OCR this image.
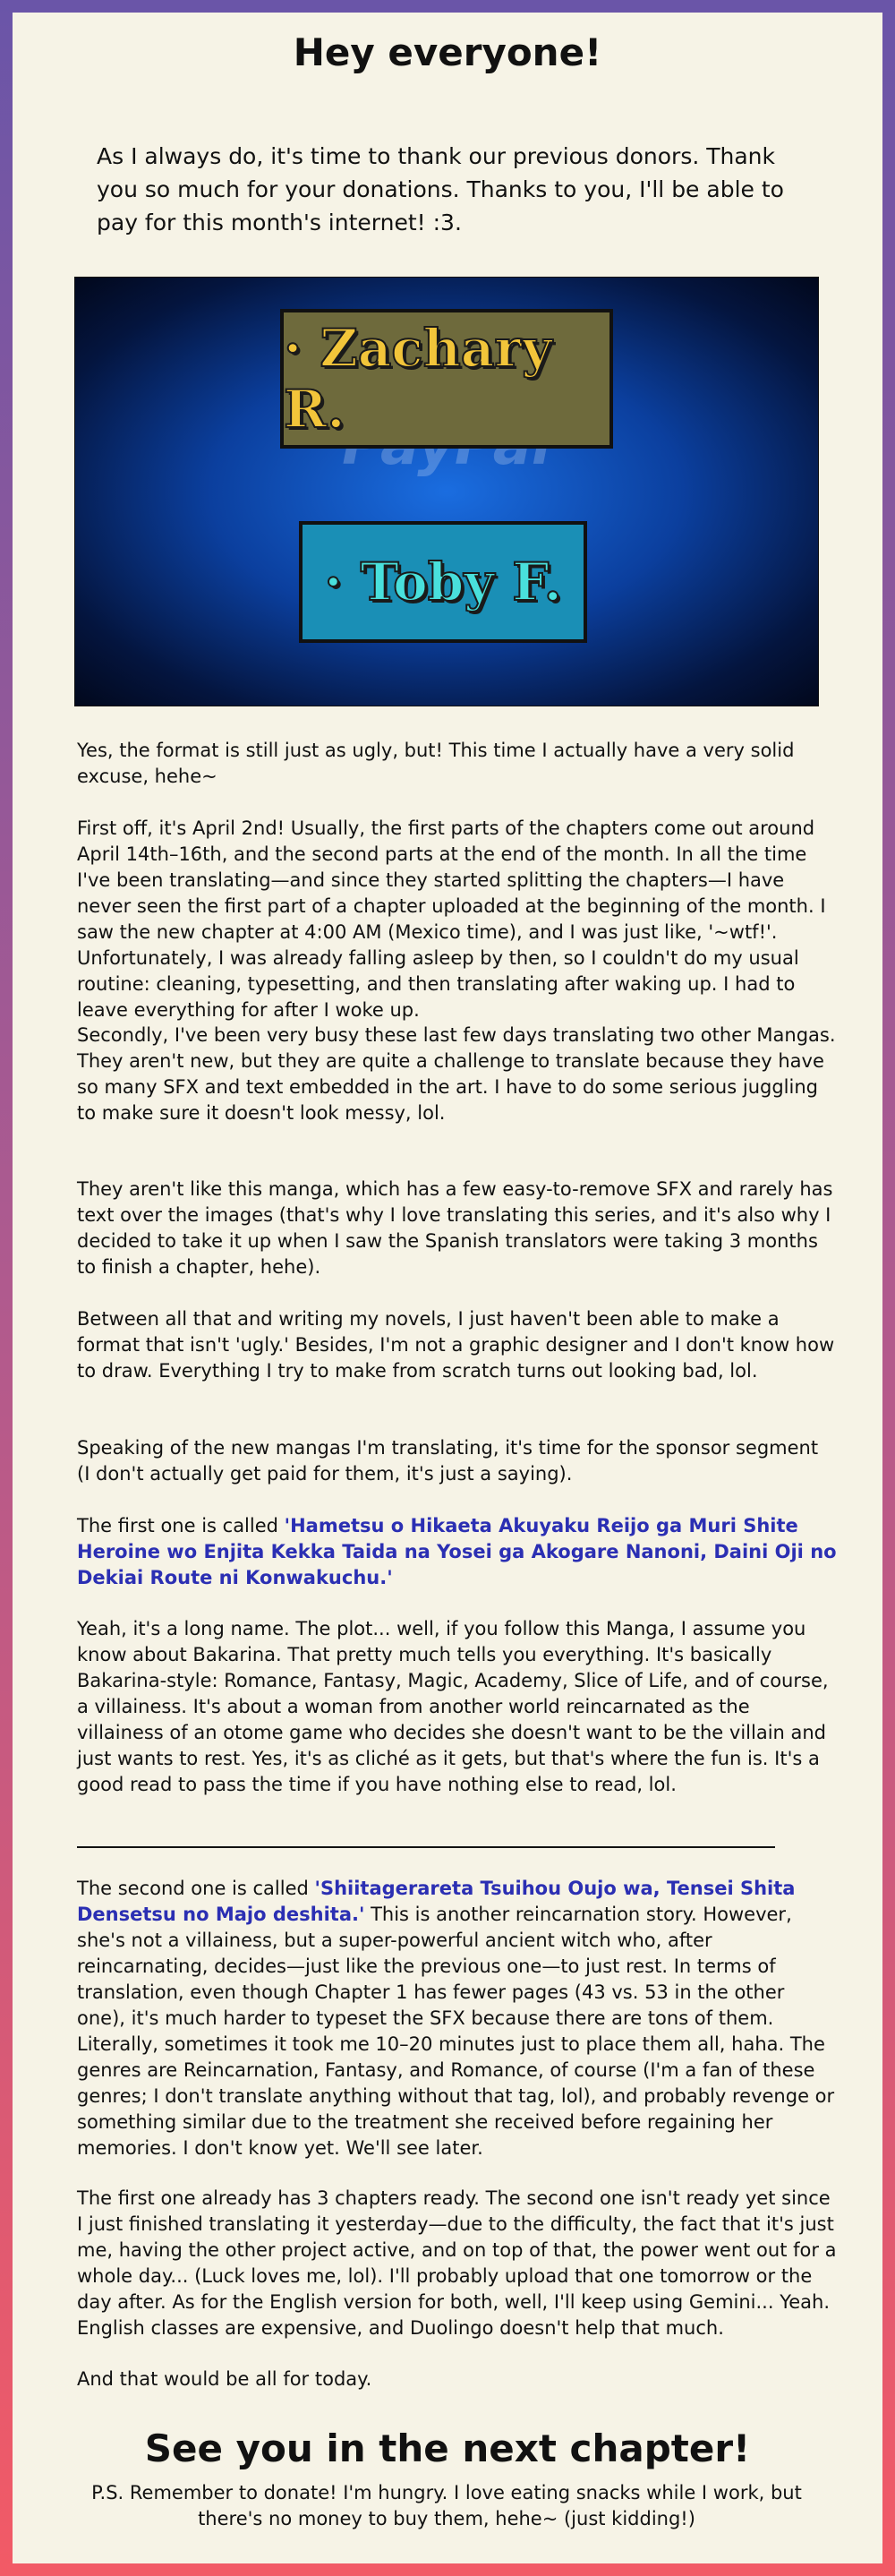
Hey everyone!

As I always do, it's time to thank our previous donors. Thank you so much for your donations. Thanks to you, I'll be able to pay for this month's internet! :3.

· Zachary R.
· Toby F.

Yes, the format is still just as ugly, but! This time I actually have a very solid excuse, hehe~

First off, it's April 2nd! Usually, the first parts of the chapters come out around April 14th–16th, and the second parts at the end of the month. In all the time I've been translating—and since they started splitting the chapters—I have never seen the first part of a chapter uploaded at the beginning of the month. I saw the new chapter at 4:00 AM (Mexico time), and I was just like, '~wtf!'. Unfortunately, I was already falling asleep by then, so I couldn't do my usual routine: cleaning, typesetting, and then translating after waking up. I had to leave everything for after I woke up.

Secondly, I've been very busy these last few days translating two other Mangas. They aren't new, but they are quite a challenge to translate because they have so many SFX and text embedded in the art. I have to do some serious juggling to make sure it doesn't look messy, lol.

They aren't like this manga, which has a few easy-to-remove SFX and rarely has text over the images (that's why I love translating this series, and it's also why I decided to take it up when I saw the Spanish translators were taking 3 months to finish a chapter, hehe).

Between all that and writing my novels, I just haven't been able to make a format that isn't 'ugly.' Besides, I'm not a graphic designer and I don't know how to draw. Everything I try to make from scratch turns out looking bad, lol.

Speaking of the new mangas I'm translating, it's time for the sponsor segment
(I don't actually get paid for them, it's just a saying).

The first one is called 'Hametsu o Hikaeta Akuyaku Reijo ga Muri Shite Heroine wo Enjita Kekka Taida na Yosei ga Akogare Nanoni, Daini Oji no Dekiai Route ni Konwakuchu.'

Yeah, it's a long name. The plot... well, if you follow this Manga, I assume you know about Bakarina. That pretty much tells you everything. It's basically Bakarina-style: Romance, Fantasy, Magic, Academy, Slice of Life, and of course, a villainess. It's about a woman from another world reincarnated as the villainess of an otome game who decides she doesn't want to be the villain and just wants to rest. Yes, it's as cliché as it gets, but that's where the fun is. It's a good read to pass the time if you have nothing else to read, lol.

The second one is called 'Shiitagerareta Tsuihou Oujo wa, Tensei Shita Densetsu no Majo deshita.' This is another reincarnation story. However, she's not a villainess, but a super-powerful ancient witch who, after reincarnating, decides—just like the previous one—to just rest. In terms of translation, even though Chapter 1 has fewer pages (43 vs. 53 in the other one), it's much harder to typeset the SFX because there are tons of them. Literally, sometimes it took me 10–20 minutes just to place them all, haha. The genres are Reincarnation, Fantasy, and Romance, of course (I'm a fan of these genres; I don't translate anything without that tag, lol), and probably revenge or something similar due to the treatment she received before regaining her memories. I don't know yet. We'll see later.

The first one already has 3 chapters ready. The second one isn't ready yet since I just finished translating it yesterday—due to the difficulty, the fact that it's just me, having the other project active, and on top of that, the power went out for a whole day... (Luck loves me, lol). I'll probably upload that one tomorrow or the day after. As for the English version for both, well, I'll keep using Gemini... Yeah. English classes are expensive, and Duolingo doesn't help that much.

And that would be all for today.

See you in the next chapter!

P.S. Remember to donate! I'm hungry. I love eating snacks while I work, but there's no money to buy them, hehe~ (just kidding!)
